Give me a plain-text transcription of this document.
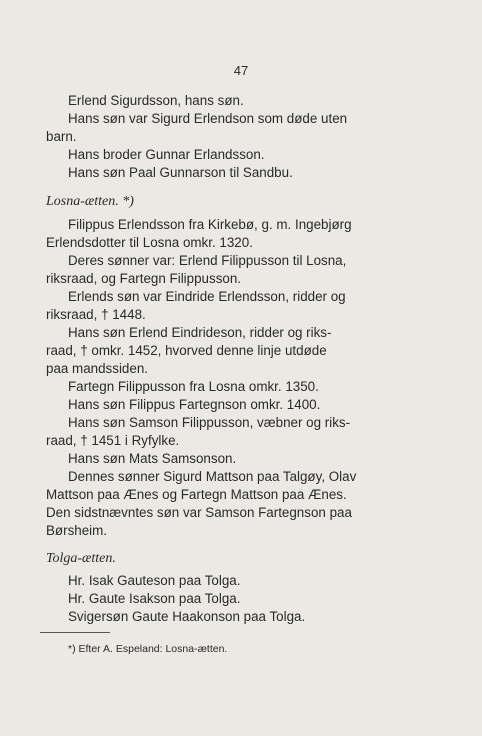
47
Erlend Sigurdsson, hans søn.
Hans søn var Sigurd Erlendson som døde uten
barn.
Hans broder Gunnar Erlandsson.
Hans søn Paal Gunnarson til Sandbu.
Losna-ætten. *)
Filippus Erlendsson fra Kirkebø, g. m. Ingebjørg
Erlendsdotter til Losna omkr. 1320.
Deres sønner var: Erlend Filippusson til Losna,
riksraad, og Fartegn Filippusson.
Erlends søn var Eindride Erlendsson, ridder og
riksraad, † 1448.
Hans søn Erlend Eindrideson, ridder og riks-
raad, † omkr. 1452, hvorved denne linje utdøde
paa mandssiden.
Fartegn Filippusson fra Losna omkr. 1350.
Hans søn Filippus Fartegnson omkr. 1400.
Hans søn Samson Filippusson, væbner og riks-
raad, † 1451 i Ryfylke.
Hans søn Mats Samsonson.
Dennes sønner Sigurd Mattson paa Talgøy, Olav
Mattson paa Ænes og Fartegn Mattson paa Ænes.
Den sidstnævntes søn var Samson Fartegnson paa
Børsheim.
Tolga-ætten.
Hr. Isak Gauteson paa Tolga.
Hr. Gaute Isakson paa Tolga.
Svigersøn Gaute Haakonson paa Tolga.
*) Efter A. Espeland: Losna-ætten.
